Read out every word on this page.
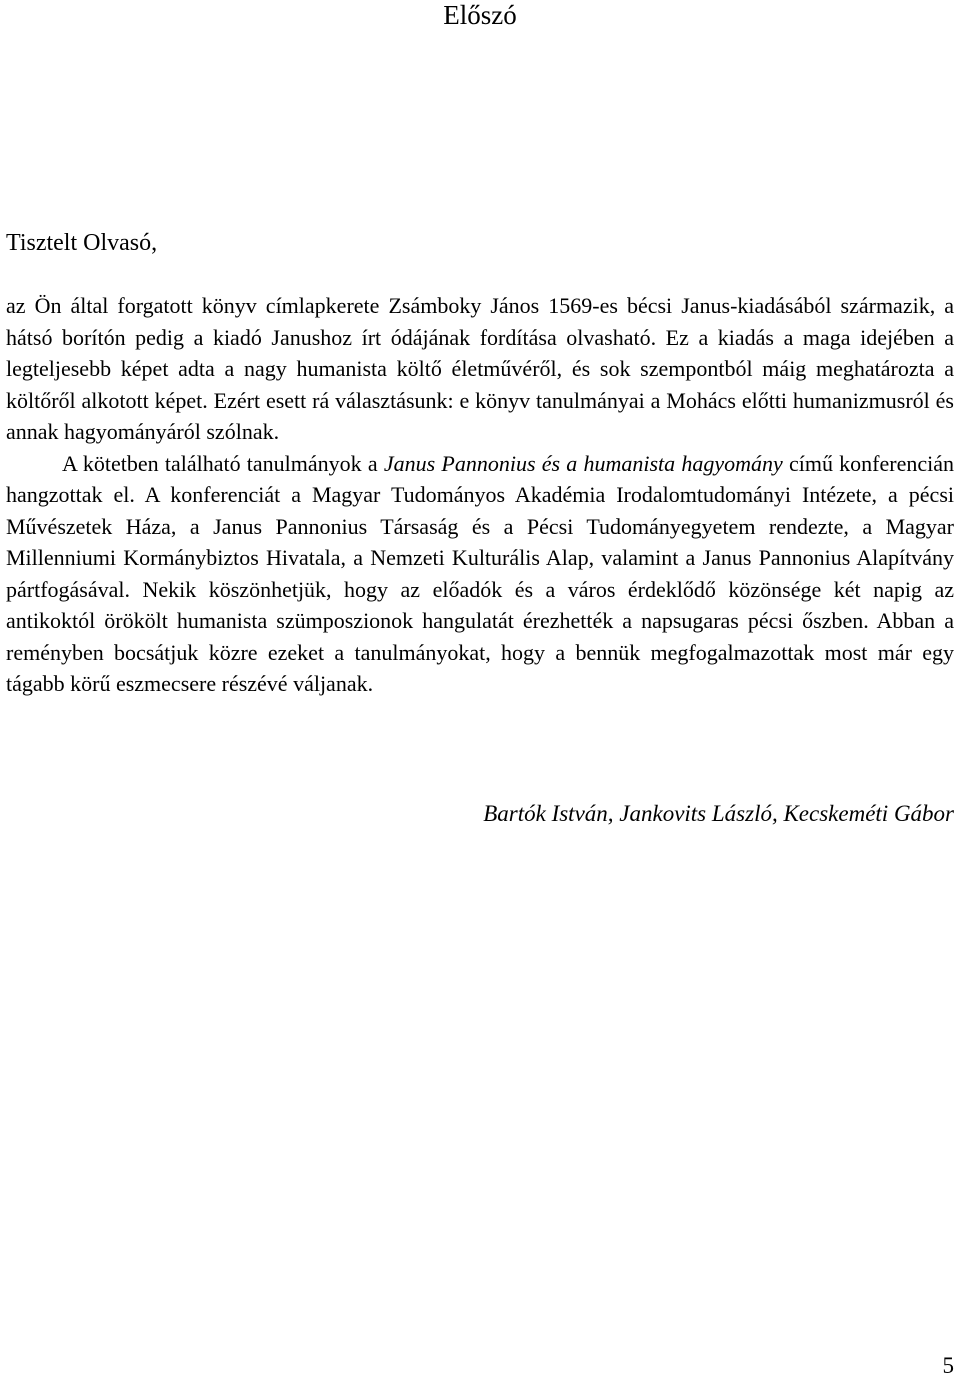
Előszó

Tisztelt Olvasó,

az Ön által forgatott könyv címlapkerete Zsámboky János 1569-es bécsi Janus-kiadásából származik, a hátsó borítón pedig a kiadó Janushoz írt ódájának fordítása olvasható. Ez a kiadás a maga idejében a legteljesebb képet adta a nagy humanista költő életművéről, és sok szempontból máig meghatározta a költőről alkotott képet. Ezért esett rá választásunk: e könyv tanulmányai a Mohács előtti humanizmusról és annak hagyományáról szólnak.

A kötetben található tanulmányok a Janus Pannonius és a humanista hagyomány című konferencián hangzottak el. A konferenciát a Magyar Tudományos Akadémia Irodalomtudományi Intézete, a pécsi Művészetek Háza, a Janus Pannonius Társaság és a Pécsi Tudományegyetem rendezte, a Magyar Millenniumi Kormánybiztos Hivatala, a Nemzeti Kulturális Alap, valamint a Janus Pannonius Alapítvány pártfogásával. Nekik köszönhetjük, hogy az előadók és a város érdeklődő közönsége két napig az antikoktól örökölt humanista szümposzionok hangulatát érezhették a napsugaras pécsi őszben. Abban a reményben bocsátjuk közre ezeket a tanulmányokat, hogy a bennük megfogalmazottak most már egy tágabb körű eszmecsere részévé váljanak.

Bartók István, Jankovits László, Kecskeméti Gábor

5
